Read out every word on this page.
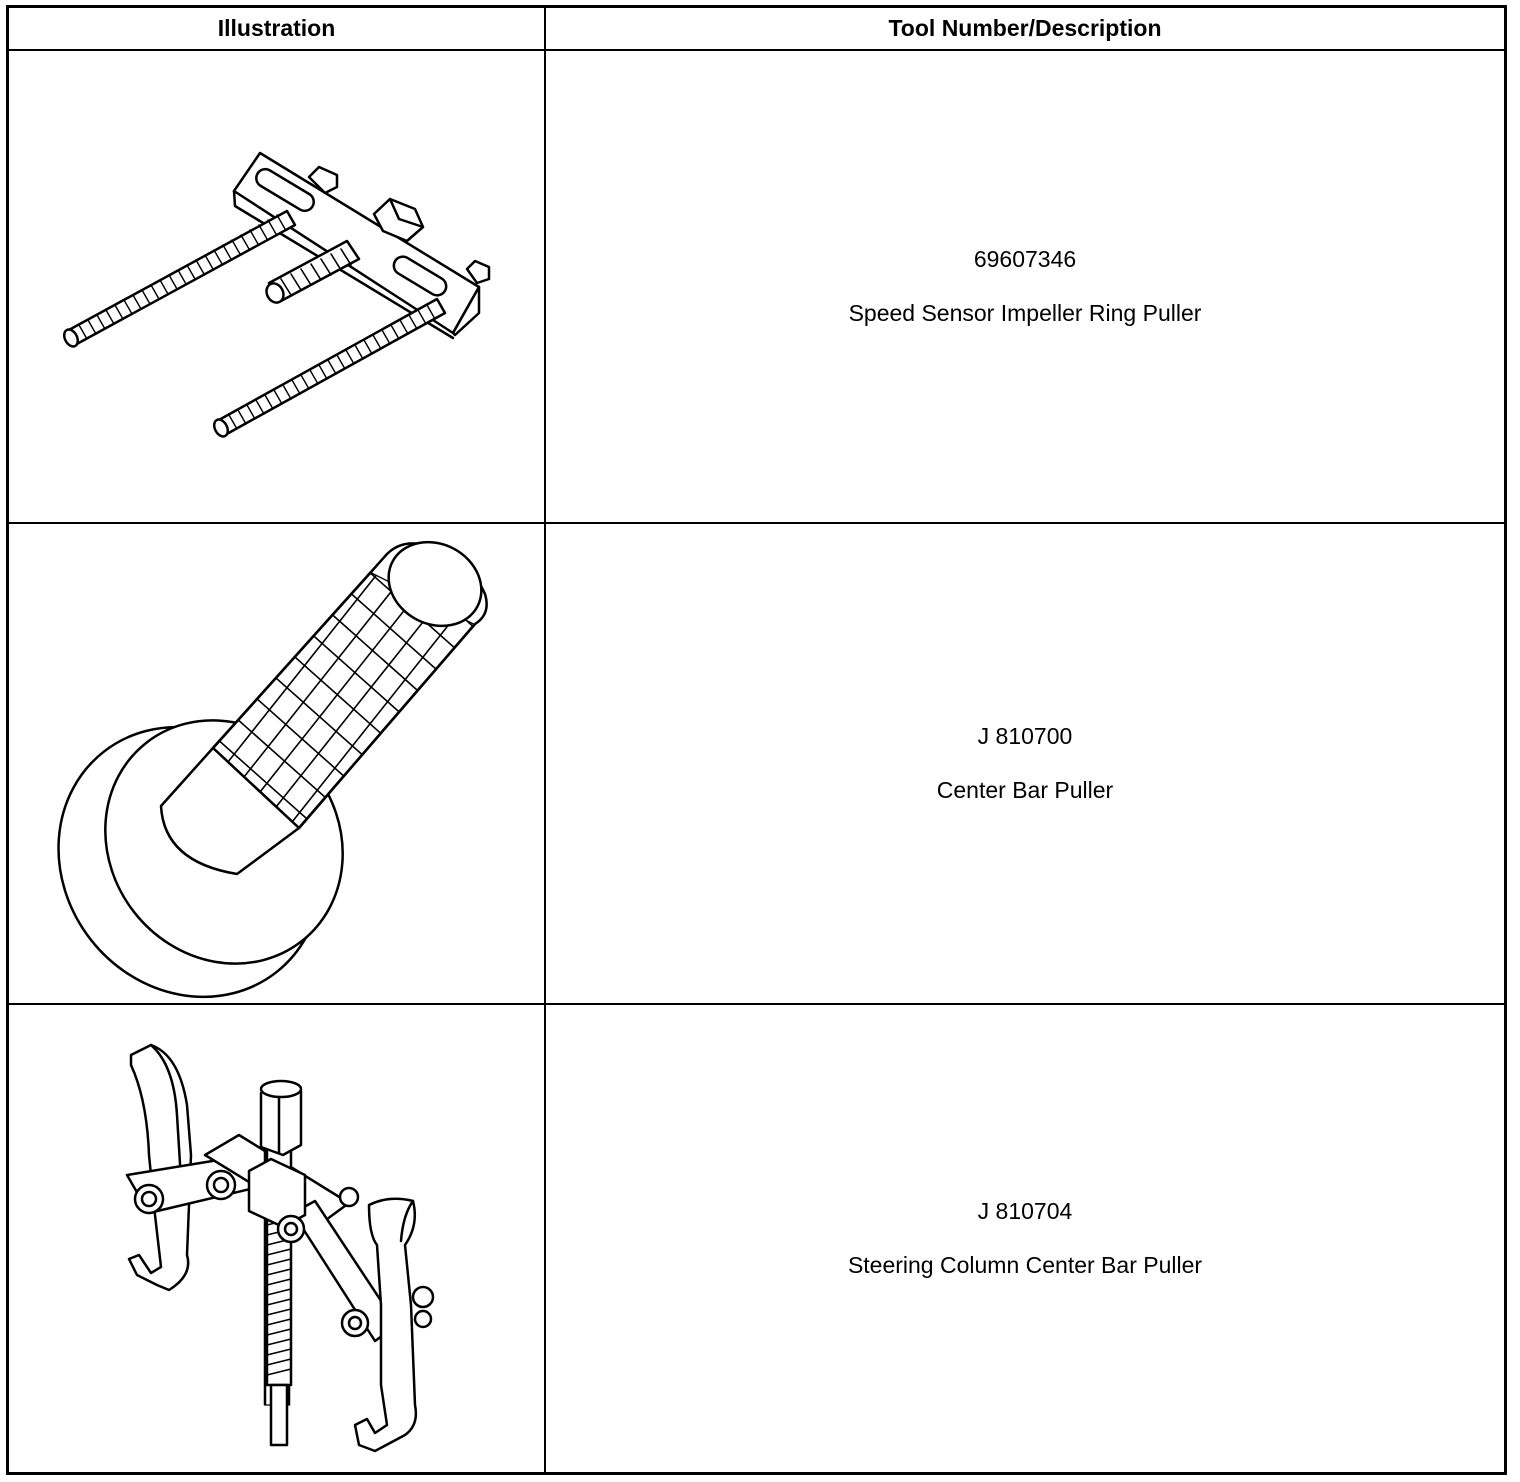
Illustration	Tool Number/Description
69607346
Speed Sensor Impeller Ring Puller
J 810700
Center Bar Puller
J 810704
Steering Column Center Bar Puller
